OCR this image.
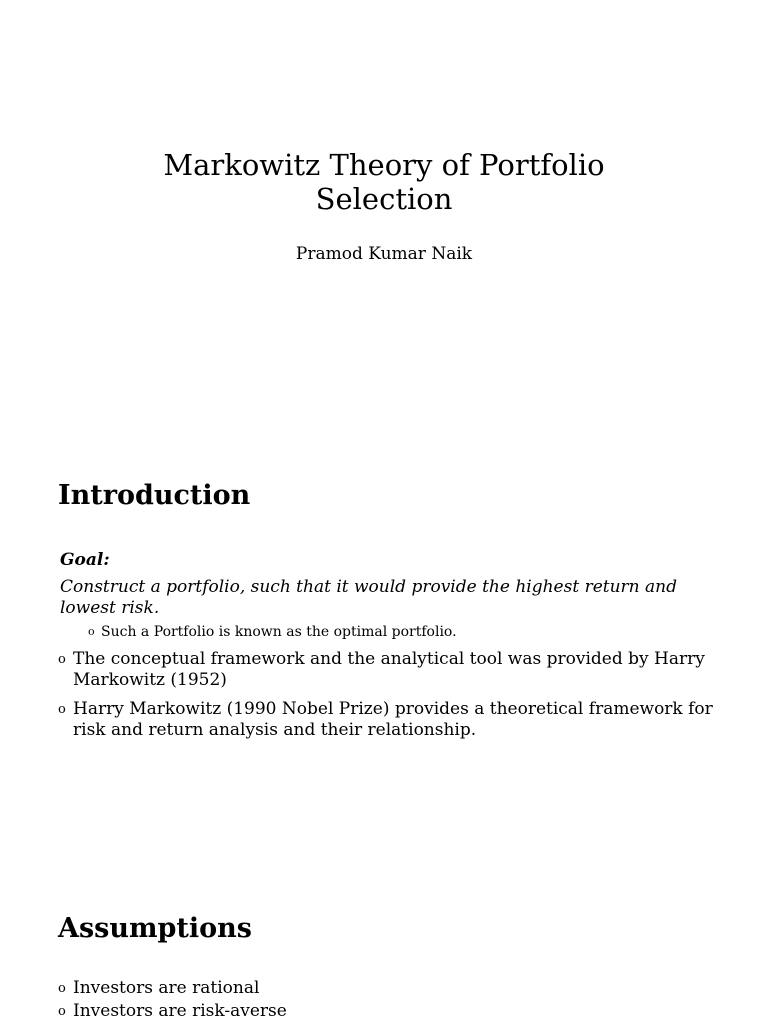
Markowitz Theory of Portfolio
Selection
Pramod Kumar Naik
Introduction
Goal:
Construct a portfolio, such that it would provide the highest return and lowest risk.
o Such a Portfolio is known as the optimal portfolio.
o The conceptual framework and the analytical tool was provided by Harry Markowitz (1952)
o Harry Markowitz (1990 Nobel Prize) provides a theoretical framework for risk and return analysis and their relationship.
Assumptions
o Investors are rational
o Investors are risk-averse
